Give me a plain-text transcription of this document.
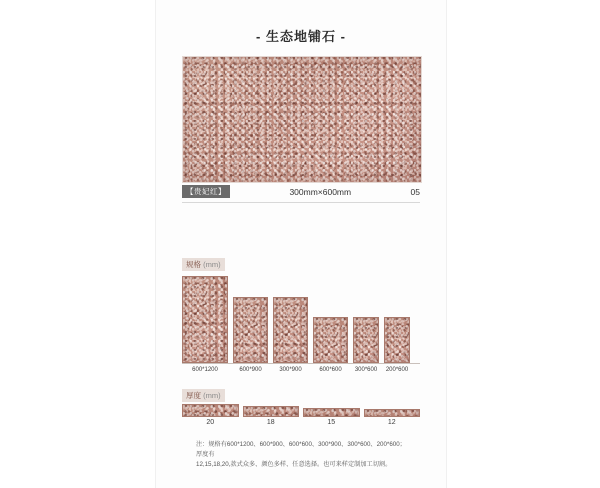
- 生态地铺石 -
【贵妃红】	300mm×600mm	05
规格 (mm)
600*1200	600*900	300*900	600*600	300*600	200*600
厚度 (mm)
20	18	15	12
注：规格有600*1200、600*900、600*600、300*900、300*600、200*600；厚度有
12,15,18,20,款式众多、颜色多样、任意选择。也可来样定制加工切割。
